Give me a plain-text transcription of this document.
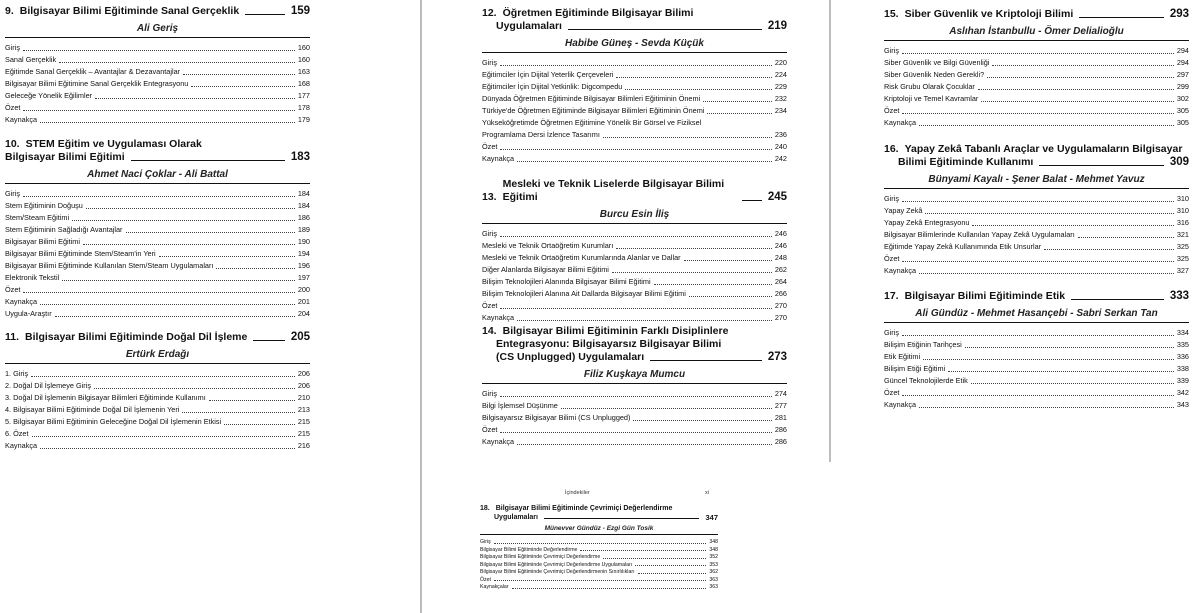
İçindekiler	xi
9. Bilgisayar Bilimi Eğitiminde Sanal Gerçeklik	159
Ali Geriş
Giriş	160
Sanal Gerçeklik	160
Eğitimde Sanal Gerçeklik – Avantajlar & Dezavantajlar	163
Bilgisayar Bilimi Eğitimine Sanal Gerçeklik Entegrasyonu	168
Geleceğe Yönelik Eğilimler	177
Özet	178
Kaynakça	179
10. STEM Eğitim ve Uygulaması Olarak
Bilgisayar Bilimi Eğitimi	183
Ahmet Naci Çoklar - Ali Battal
Giriş	184
Stem Eğitiminin Doğuşu	184
Stem/Steam Eğitimi	186
Stem Eğitiminin Sağladığı Avantajlar	189
Bilgisayar Bilimi Eğitimi	190
Bilgisayar Bilimi Eğitiminde Stem/Steam'in Yeri	194
Bilgisayar Bilimi Eğitiminde Kullanılan Stem/Steam Uygulamaları	196
Elektronik Tekstil	197
Özet	200
Kaynakça	201
Uygula-Araştır	204
11. Bilgisayar Bilimi Eğitiminde Doğal Dil İşleme	205
Ertürk Erdağı
1. Giriş	206
2. Doğal Dil İşlemeye Giriş	206
3. Doğal Dil İşlemenin Bilgisayar Bilimleri Eğitiminde Kullanımı	210
4. Bilgisayar Bilimi Eğitiminde Doğal Dil İşlemenin Yeri	213
5. Bilgisayar Bilimi Eğitiminin Geleceğine Doğal Dil İşlemenin Etkisi	215
6. Özet	215
Kaynakça	216
12. Öğretmen Eğitiminde Bilgisayar Bilimi
Uygulamaları	219
Habibe Güneş - Sevda Küçük
Giriş	220
Eğitimciler İçin Dijital Yeterlik Çerçeveleri	224
Eğitimciler İçin Dijital Yetkinlik: Digcompedu	229
Dünyada Öğretmen Eğitiminde Bilgisayar Bilimleri Eğitiminin Önemi	232
Türkiye'de Öğretmen Eğitiminde Bilgisayar Bilimleri Eğitiminin Önemi	234
Yükseköğretimde Öğretmen Eğitimine Yönelik Bir Görsel ve Fiziksel
Programlama Dersi İzlence Tasarımı	236
Özet	240
Kaynakça	242
13.
Mesleki ve Teknik Liselerde Bilgisayar Bilimi Eğitimi	245
Burcu Esin İliş
Giriş	246
Mesleki ve Teknik Ortaöğretim Kurumları	246
Mesleki ve Teknik Ortaöğretim Kurumlarında Alanlar ve Dallar	248
Diğer Alanlarda Bilgisayar Bilimi Eğitimi	262
Bilişim Teknolojileri Alanında Bilgisayar Bilimi Eğitimi	264
Bilişim Teknolojileri Alanına Ait Dallarda Bilgisayar Bilimi Eğitimi	266
Özet	270
Kaynakça	270
14. Bilgisayar Bilimi Eğitiminin Farklı Disiplinlere
Entegrasyonu: Bilgisayarsız Bilgisayar Bilimi
(CS Unplugged) Uygulamaları	273
Filiz Kuşkaya Mumcu
Giriş	274
Bilgi İşlemsel Düşünme	277
Bilgisayarsız Bilgisayar Bilimi (CS Unplugged)	281
Özet	286
Kaynakça	286
15. Siber Güvenlik ve Kriptoloji Bilimi	293
Aslıhan İstanbullu - Ömer Delialioğlu
Giriş	294
Siber Güvenlik ve Bilgi Güvenliği	294
Siber Güvenlik Neden Gerekli?	297
Risk Grubu Olarak Çocuklar	299
Kriptoloji ve Temel Kavramlar	302
Özet	305
Kaynakça	305
16. Yapay Zekâ Tabanlı Araçlar ve Uygulamaların Bilgisayar
Bilimi Eğitiminde Kullanımı	309
Bünyami Kayalı - Şener Balat - Mehmet Yavuz
Giriş	310
Yapay Zekâ	310
Yapay Zekâ Entegrasyonu	316
Bilgisayar Bilimlerinde Kullanılan Yapay Zekâ Uygulamaları	321
Eğitimde Yapay Zekâ Kullanımında Etik Unsurlar	325
Özet	325
Kaynakça	327
17. Bilgisayar Bilimi Eğitiminde Etik	333
Ali Gündüz - Mehmet Hasançebi - Sabri Serkan Tan
Giriş	334
Bilişim Etiğinin Tarihçesi	335
Etik Eğitimi	336
Bilişim Etiği Eğitimi	338
Güncel Teknolojilerde Etik	339
Özet	342
Kaynakça	343
18. Bilgisayar Bilimi Eğitiminde Çevrimiçi Değerlendirme
Uygulamaları	347
Münevver Gündüz - Ezgi Gün Tosik
Giriş	348
Bilgisayar Bilimi Eğitiminde Değerlendirme	348
Bilgisayar Bilimi Eğitiminde Çevrimiçi Değerlendirme	352
Bilgisayar Bilimi Eğitiminde Çevrimiçi Değerlendirme Uygulamaları	353
Bilgisayar Bilimi Eğitiminde Çevrimiçi Değerlendirmenin Sınırlılıkları	362
Özet	363
Kaynakçalar	363
